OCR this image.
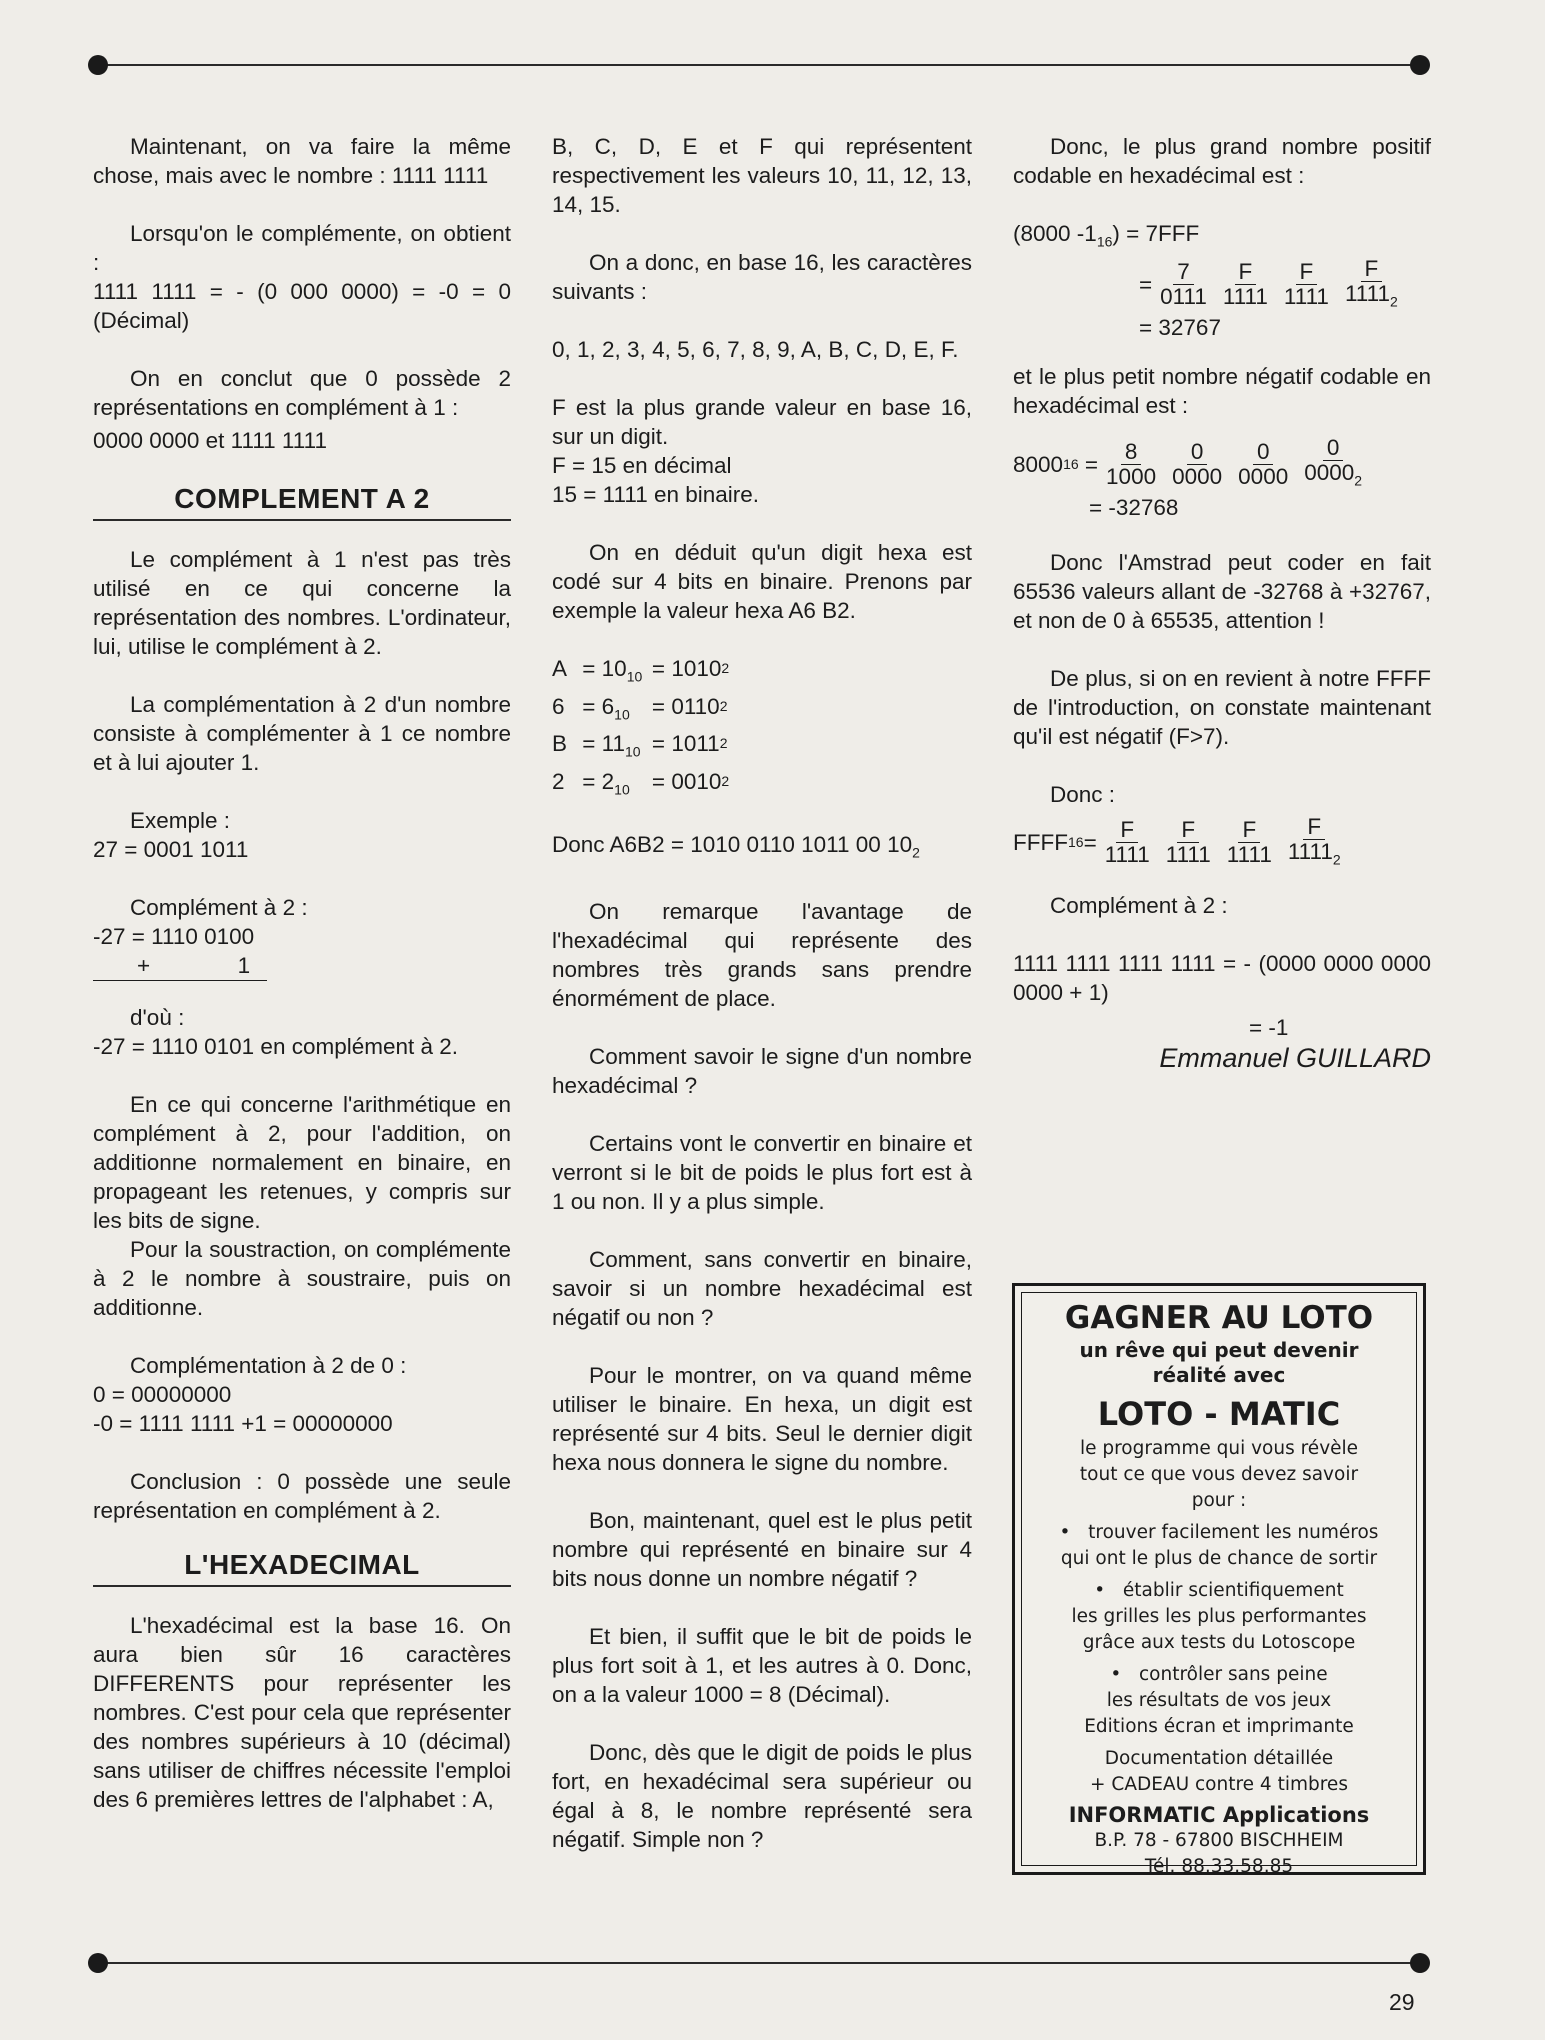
Maintenant, on va faire la même chose, mais avec le nombre : 1111 1111

Lorsqu'on le complémente, on obtient :

1111 1111 = - (0 000 0000) = -0 = 0 (Décimal)

On en conclut que 0 possède 2 représentations en complément à 1 :

0000 0000 et 1111 1111

COMPLEMENT A 2

Le complément à 1 n'est pas très utilisé en ce qui concerne la représentation des nombres. L'ordinateur, lui, utilise le complément à 2.

La complémentation à 2 d'un nombre consiste à complémenter à 1 ce nombre et à lui ajouter 1.

Exemple :

27 = 0001 1011

Complément à 2 :

-27 = 1110 0100
+              1

d'où :

-27 = 1110 0101 en complément à 2.

En ce qui concerne l'arithmétique en complément à 2, pour l'addition, on additionne normalement en binaire, en propageant les retenues, y compris sur les bits de signe.

Pour la soustraction, on complémente à 2 le nombre à soustraire, puis on additionne.

Complémentation à 2 de 0 :

0 = 00000000

-0 = 1111 1111 +1 = 00000000

Conclusion : 0 possède une seule représentation en complément à 2.

L'HEXADECIMAL

L'hexadécimal est la base 16. On aura bien sûr 16 caractères DIFFERENTS pour représenter les nombres. C'est pour cela que représenter des nombres supérieurs à 10 (décimal) sans utiliser de chiffres nécessite l'emploi des 6 premières lettres de l'alphabet : A,

B, C, D, E et F qui représentent respectivement les valeurs 10, 11, 12, 13, 14, 15.

On a donc, en base 16, les caractères suivants :

0, 1, 2, 3, 4, 5, 6, 7, 8, 9, A, B, C, D, E, F.

F est la plus grande valeur en base 16, sur un digit.

F = 15 en décimal

15 = 1111 en binaire.

On en déduit qu'un digit hexa est codé sur 4 bits en binaire. Prenons par exemple la valeur hexa A6 B2.

$A = 10_{10} = 1010$ 2
$6 = 6_{10} = 0110$ 2
$B = 11_{10} = 1011$ 2
$2 = 2_{10} = 0010$ 2

Donc A6B2 = 1010 0110 1011 00 $10_2$

On remarque l'avantage de l'hexadécimal qui représente des nombres très grands sans prendre énormément de place.

Comment savoir le signe d'un nombre hexadécimal ?

Certains vont le convertir en binaire et verront si le bit de poids le plus fort est à 1 ou non. Il y a plus simple.

Comment, sans convertir en binaire, savoir si un nombre hexadécimal est négatif ou non ?

Pour le montrer, on va quand même utiliser le binaire. En hexa, un digit est représenté sur 4 bits. Seul le dernier digit hexa nous donnera le signe du nombre.

Bon, maintenant, quel est le plus petit nombre qui représenté en binaire sur 4 bits nous donne un nombre négatif ?

Et bien, il suffit que le bit de poids le plus fort soit à 1, et les autres à 0. Donc, on a la valeur 1000 = 8 (Décimal).

Donc, dès que le digit de poids le plus fort, en hexadécimal sera supérieur ou égal à 8, le nombre représenté sera négatif. Simple non ?

Donc, le plus grand nombre positif codable en hexadécimal est :

(8000 $-1_{16}) = 7FFF$
= $\frac{7}{0111} \frac{F}{1111} \frac{F}{1111} \frac{F}{1111_2}$
= 32767

et le plus petit nombre négatif codable en hexadécimal est :

8000 $16 = \frac{8}{1000} \frac{0}{0000} \frac{0}{0000} \frac{0}{0000_2}$
= -32768

Donc l'Amstrad peut coder en fait 65536 valeurs allant de -32768 à +32767, et non de 0 à 65535, attention !

De plus, si on en revient à notre FFFF de l'introduction, on constate maintenant qu'il est négatif (F>7).

Donc :

FFFF $16 = \frac{F}{1111} \frac{F}{1111} \frac{F}{1111} \frac{F}{1111_2}$

Complément à 2 :

1111 1111 1111 1111 = - (0000 0000 0000 0000 + 1)

= -1

Emmanuel GUILLARD
GAGNER AU LOTO
un rêve qui peut devenir
réalité avec
LOTO - MATIC
le programme qui vous révèle
tout ce que vous devez savoir
pour :
• trouver facilement les numéros
qui ont le plus de chance de sortir
• établir scientifiquement
les grilles les plus performantes
grâce aux tests du Lotoscope
• contrôler sans peine
les résultats de vos jeux
Editions écran et imprimante
Documentation détaillée
+ CADEAU contre 4 timbres
INFORMATIC Applications
B.P. 78 - 67800 BISCHHEIM
Tél. 88.33.58.85
29
